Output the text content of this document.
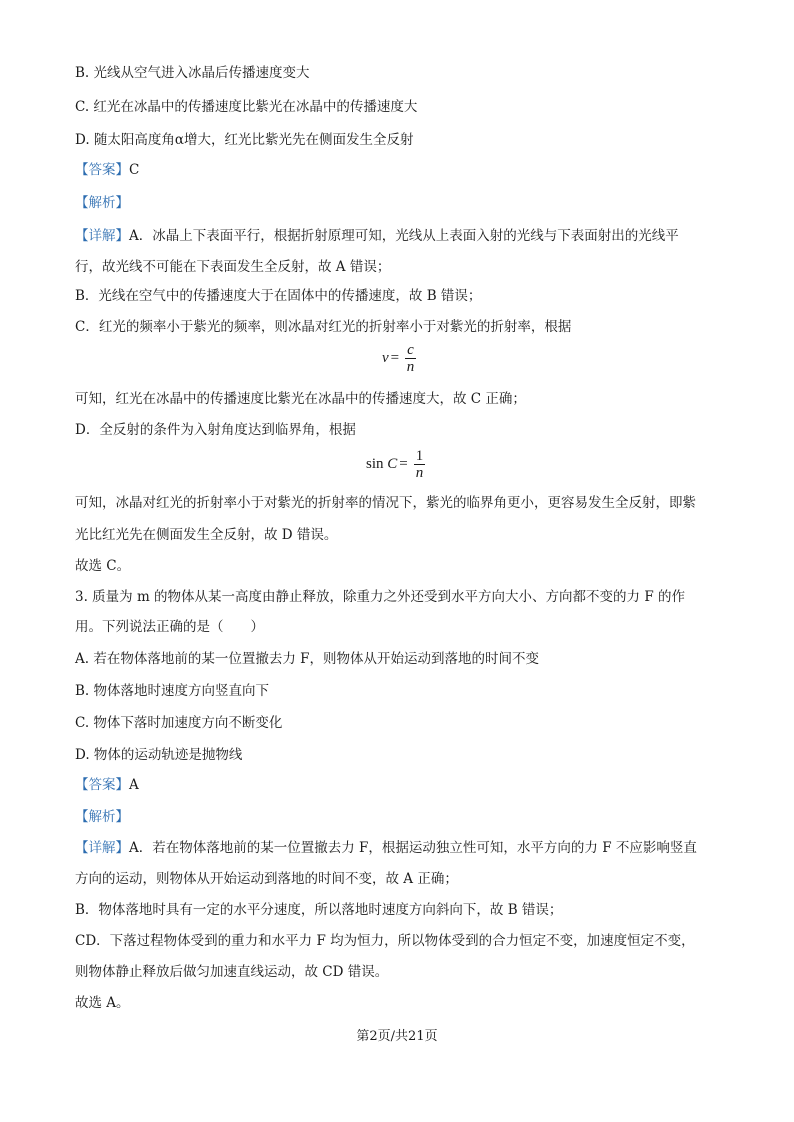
B. 光线从空气进入冰晶后传播速度变大
C. 红光在冰晶中的传播速度比紫光在冰晶中的传播速度大
D. 随太阳高度角α增大，红光比紫光先在侧面发生全反射
【答案】C
【解析】
【详解】A．冰晶上下表面平行，根据折射原理可知，光线从上表面入射的光线与下表面射出的光线平
行，故光线不可能在下表面发生全反射，故 A 错误；
B．光线在空气中的传播速度大于在固体中的传播速度，故 B 错误；
C．红光的频率小于紫光的频率，则冰晶对红光的折射率小于对紫光的折射率，根据
$v = \frac{c}{n}$
可知，红光在冰晶中的传播速度比紫光在冰晶中的传播速度大，故 C 正确；
D．全反射的条件为入射角度达到临界角，根据
$\sin C = \frac{1}{n}$
可知，冰晶对红光的折射率小于对紫光的折射率的情况下，紫光的临界角更小，更容易发生全反射，即紫
光比红光先在侧面发生全反射，故 D 错误。
故选 C。
3. 质量为 m 的物体从某一高度由静止释放，除重力之外还受到水平方向大小、方向都不变的力 F 的作
用。下列说法正确的是（　　）
A. 若在物体落地前的某一位置撤去力 F，则物体从开始运动到落地的时间不变
B. 物体落地时速度方向竖直向下
C. 物体下落时加速度方向不断变化
D. 物体的运动轨迹是抛物线
【答案】A
【解析】
【详解】A．若在物体落地前的某一位置撤去力 F，根据运动独立性可知，水平方向的力 F 不应影响竖直
方向的运动，则物体从开始运动到落地的时间不变，故 A 正确；
B．物体落地时具有一定的水平分速度，所以落地时速度方向斜向下，故 B 错误；
CD．下落过程物体受到的重力和水平力 F 均为恒力，所以物体受到的合力恒定不变，加速度恒定不变，
则物体静止释放后做匀加速直线运动，故 CD 错误。
故选 A。
第2页/共21页
